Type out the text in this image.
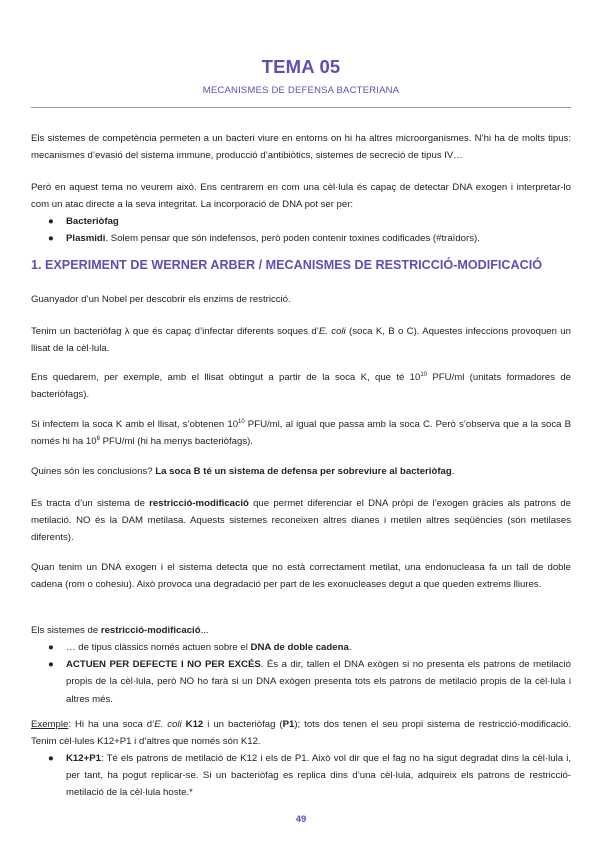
TEMA 05
MECANISMES DE DEFENSA BACTERIANA

Els sistemes de competència permeten a un bacteri viure en entorns on hi ha altres microorganismes. N’hi ha de molts tipus: mecanismes d’evasió del sistema immune, producció d’antibiòtics, sistemes de secreció de tipus IV…

Però en aquest tema no veurem això. Ens centrarem en com una cèl·lula és capaç de detectar DNA exogen i interpretar-lo com un atac directe a la seva integritat. La incorporació de DNA pot ser per:

● Bacteriòfag
● Plasmidi. Solem pensar que són indefensos, però poden contenir toxines codificades (#traïdors).
1. EXPERIMENT DE WERNER ARBER / MECANISMES DE RESTRICCIÓ-MODIFICACIÓ

Guanyador d’un Nobel per descobrir els enzims de restricció.

Tenim un bacteriòfag λ que és capaç d’infectar diferents soques d’E. coli (soca K, B o C). Aquestes infeccions provoquen un llisat de la cèl·lula.

Ens quedarem, per exemple, amb el llisat obtingut a partir de la soca K, que té $10^{10}$ PFU/ml (unitats formadores de bacteriòfags).

Si infectem la soca K amb el llisat, s’obtenen $10^{10}$ PFU/ml, al igual que passa amb la soca C. Però s’observa que a la soca B només hi ha $10^6$ PFU/ml (hi ha menys bacteriòfags).

Quines són les conclusions? La soca B té un sistema de defensa per sobreviure al bacteriòfag.

Es tracta d’un sistema de restricció-modificació que permet diferenciar el DNA pròpi de l’exogen gràcies als patrons de metilació. NO és la DAM metilasa. Aquests sistemes reconeixen altres dianes i metilen altres seqüències (són metilases diferents).

Quan tenim un DNA exogen i el sistema detecta que no està correctament metilat, una endonucleasa fa un tall de doble cadena (rom o cohesiu). Això provoca una degradació per part de les exonucleases degut a que queden extrems lliures.

Els sistemes de restricció-modificació...

● … de tipus clàssics només actuen sobre el DNA de doble cadena.
● ACTUEN PER DEFECTE I NO PER EXCÉS. És a dir, tallen el DNA exògen si no presenta els patrons de metilació propis de la cèl·lula, però NO ho farà si un DNA exògen presenta tots els patrons de metilació propis de la cèl·lula i altres més.

Exemple: Hi ha una soca d’E. coli K12 i un bacteriòfag (P1); tots dos tenen el seu propi sistema de restricció-modificació. Tenim cèl·lules K12+P1 i d’altres que només són K12.

● K12+P1: Té els patrons de metilació de K12 i els de P1. Això vol dir que el fag no ha sigut degradat dins la cèl·lula i, per tant, ha pogut replicar-se. Si un bacteriòfag es replica dins d’una cèl·lula, adquireix els patrons de restricció-metilació de la cèl·lula hoste.*
49
